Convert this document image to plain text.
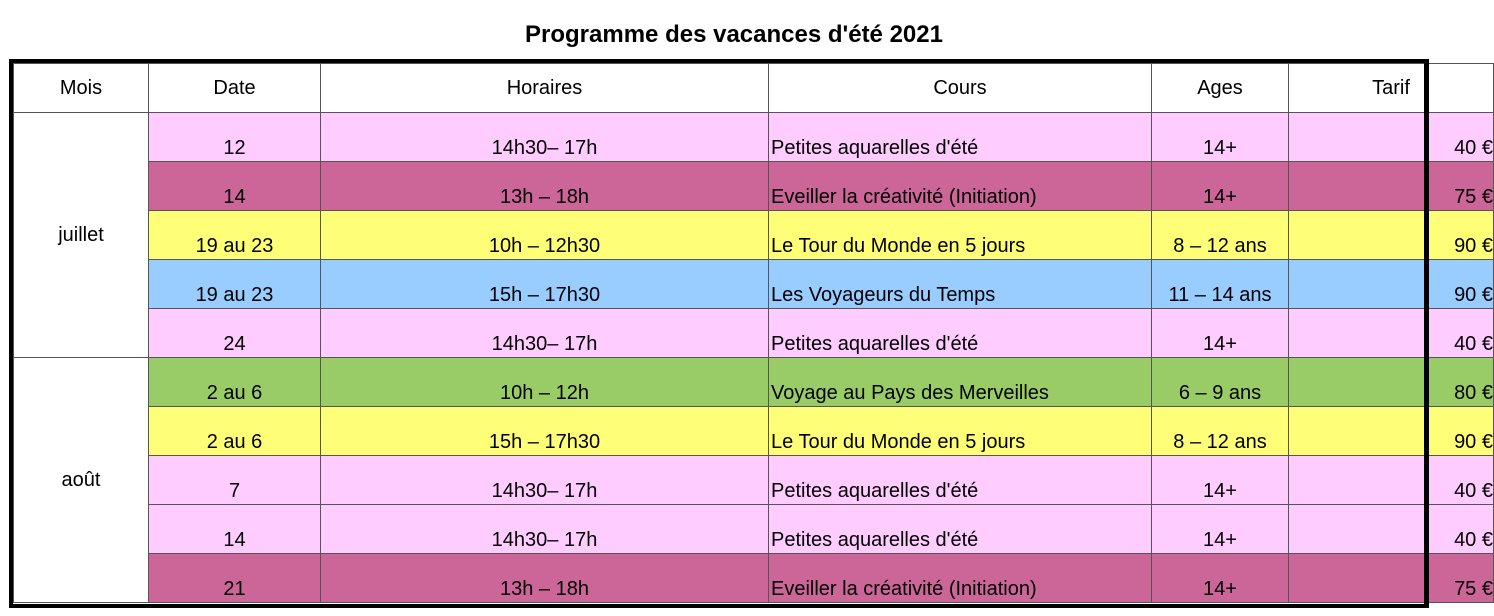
Programme des vacances d'été 2021
Mois	Date	Horaires	Cours	Ages	Tarif
juillet	12	14h30– 17h	Petites aquarelles d'été	14+	40 €
	14	13h – 18h	Eveiller la créativité (Initiation)	14+	75 €
	19 au 23	10h – 12h30	Le Tour du Monde en 5 jours	8 – 12 ans	90 €
	19 au 23	15h – 17h30	Les Voyageurs du Temps	11 – 14 ans	90 €
	24	14h30– 17h	Petites aquarelles d'été	14+	40 €
août	2 au 6	10h – 12h	Voyage au Pays des Merveilles	6 – 9 ans	80 €
	2 au 6	15h – 17h30	Le Tour du Monde en 5 jours	8 – 12 ans	90 €
	7	14h30– 17h	Petites aquarelles d'été	14+	40 €
	14	14h30– 17h	Petites aquarelles d'été	14+	40 €
	21	13h – 18h	Eveiller la créativité (Initiation)	14+	75 €
